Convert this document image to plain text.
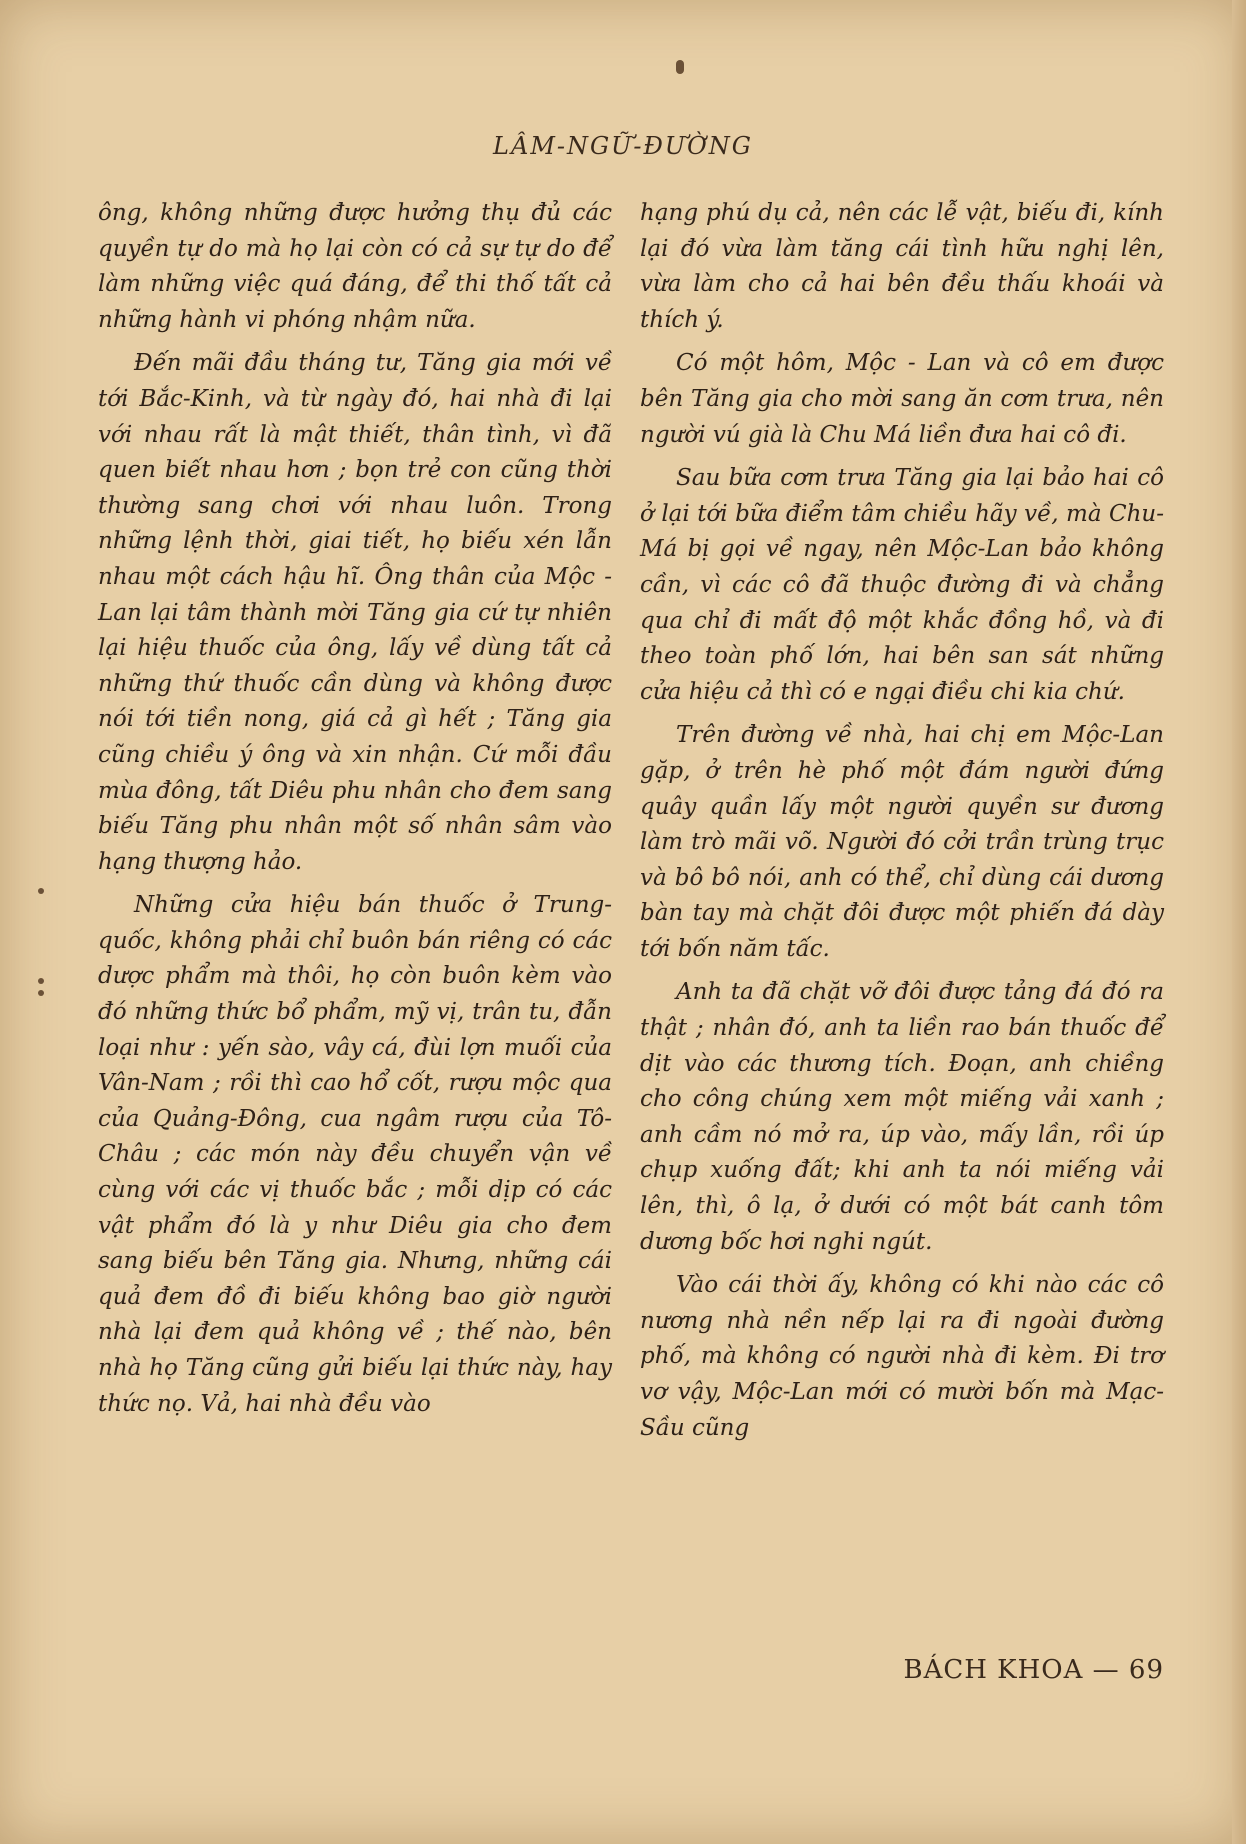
LÂM-NGỮ-ĐƯỜNG

ông, không những được hưởng thụ đủ các quyền tự do mà họ lại còn có cả sự tự do để làm những việc quá đáng, để thi thố tất cả những hành vi phóng nhậm nữa.

Đến mãi đầu tháng tư, Tăng gia mới về tới Bắc-Kinh, và từ ngày đó, hai nhà đi lại với nhau rất là mật thiết, thân tình, vì đã quen biết nhau hơn ; bọn trẻ con cũng thời thường sang chơi với nhau luôn. Trong những lệnh thời, giai tiết, họ biếu xén lẫn nhau một cách hậu hĩ. Ông thân của Mộc - Lan lại tâm thành mời Tăng gia cứ tự nhiên lại hiệu thuốc của ông, lấy về dùng tất cả những thứ thuốc cần dùng và không được nói tới tiền nong, giá cả gì hết ; Tăng gia cũng chiều ý ông và xin nhận. Cứ mỗi đầu mùa đông, tất Diêu phu nhân cho đem sang biếu Tăng phu nhân một số nhân sâm vào hạng thượng hảo.

Những cửa hiệu bán thuốc ở Trung-quốc, không phải chỉ buôn bán riêng có các dược phẩm mà thôi, họ còn buôn kèm vào đó những thức bổ phẩm, mỹ vị, trân tu, đẫn loại như : yến sào, vây cá, đùi lợn muối của Vân-Nam ; rồi thì cao hổ cốt, rượu mộc qua của Quảng-Đông, cua ngâm rượu của Tô-Châu ; các món này đều chuyển vận về cùng với các vị thuốc bắc ; mỗi dịp có các vật phẩm đó là y như Diêu gia cho đem sang biếu bên Tăng gia. Nhưng, những cái quả đem đồ đi biếu không bao giờ người nhà lại đem quả không về ; thế nào, bên nhà họ Tăng cũng gửi biếu lại thức này, hay thức nọ. Vả, hai nhà đều vào

hạng phú dụ cả, nên các lễ vật, biếu đi, kính lại đó vừa làm tăng cái tình hữu nghị lên, vừa làm cho cả hai bên đều thấu khoái và thích ý.

Có một hôm, Mộc - Lan và cô em được bên Tăng gia cho mời sang ăn cơm trưa, nên người vú già là Chu Má liền đưa hai cô đi.

Sau bữa cơm trưa Tăng gia lại bảo hai cô ở lại tới bữa điểm tâm chiều hãy về, mà Chu-Má bị gọi về ngay, nên Mộc-Lan bảo không cần, vì các cô đã thuộc đường đi và chẳng qua chỉ đi mất độ một khắc đồng hồ, và đi theo toàn phố lớn, hai bên san sát những cửa hiệu cả thì có e ngại điều chi kia chứ.

Trên đường về nhà, hai chị em Mộc-Lan gặp, ở trên hè phố một đám người đứng quây quần lấy một người quyền sư đương làm trò mãi võ. Người đó cởi trần trùng trục và bô bô nói, anh có thể, chỉ dùng cái dương bàn tay mà chặt đôi được một phiến đá dày tới bốn năm tấc.

Anh ta đã chặt vỡ đôi được tảng đá đó ra thật ; nhân đó, anh ta liền rao bán thuốc để dịt vào các thương tích. Đoạn, anh chiềng cho công chúng xem một miếng vải xanh ; anh cầm nó mở ra, úp vào, mấy lần, rồi úp chụp xuống đất; khi anh ta nói miếng vải lên, thì, ô lạ, ở dưới có một bát canh tôm dương bốc hơi nghi ngút.

Vào cái thời ấy, không có khi nào các cô nương nhà nền nếp lại ra đi ngoài đường phố, mà không có người nhà đi kèm. Đi trơ vơ vậy, Mộc-Lan mới có mười bốn mà Mạc-Sầu cũng

BÁCH KHOA — 69
